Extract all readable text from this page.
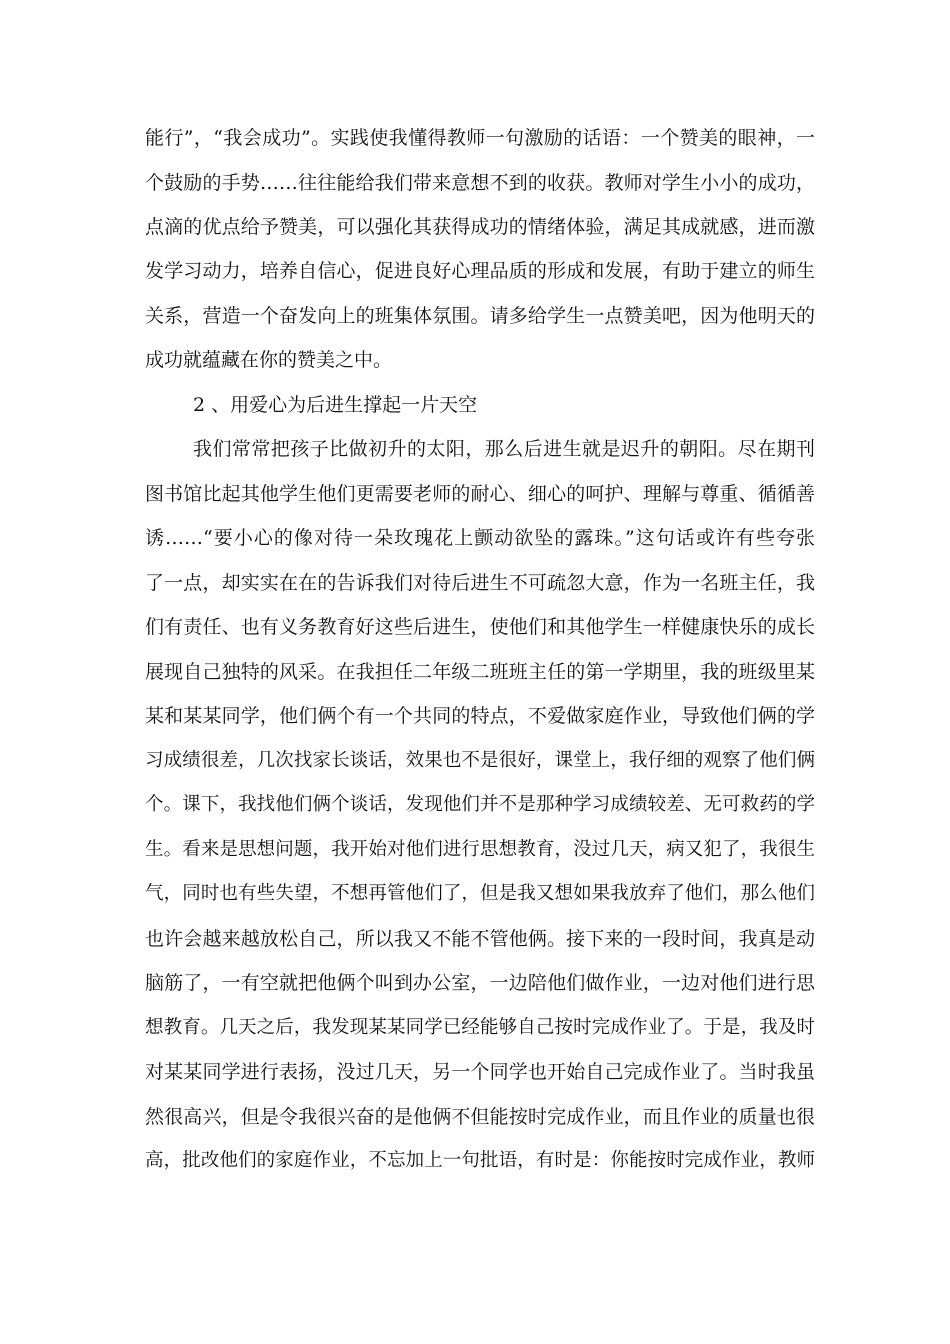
能行”，“我会成功”。实践使我懂得教师一句激励的话语：一个赞美的眼神，一
个鼓励的手势……往往能给我们带来意想不到的收获。教师对学生小小的成功，
点滴的优点给予赞美，可以强化其获得成功的情绪体验，满足其成就感，进而激
发学习动力，培养自信心，促进良好心理品质的形成和发展，有助于建立的师生
关系，营造一个奋发向上的班集体氛围。请多给学生一点赞美吧，因为他明天的
成功就蕴藏在你的赞美之中。
2 、用爱心为后进生撑起一片天空
我们常常把孩子比做初升的太阳，那么后进生就是迟升的朝阳。尽在期刊
图书馆比起其他学生他们更需要老师的耐心、细心的呵护、理解与尊重、循循善
诱……“要小心的像对待一朵玫瑰花上颤动欲坠的露珠。”这句话或许有些夸张
了一点，却实实在在的告诉我们对待后进生不可疏忽大意，作为一名班主任，我
们有责任、也有义务教育好这些后进生，使他们和其他学生一样健康快乐的成长
展现自己独特的风采。在我担任二年级二班班主任的第一学期里，我的班级里某
某和某某同学，他们俩个有一个共同的特点，不爱做家庭作业，导致他们俩的学
习成绩很差，几次找家长谈话，效果也不是很好，课堂上，我仔细的观察了他们俩
个。课下，我找他们俩个谈话，发现他们并不是那种学习成绩较差、无可救药的学
生。看来是思想问题，我开始对他们进行思想教育，没过几天，病又犯了，我很生
气，同时也有些失望，不想再管他们了，但是我又想如果我放弃了他们，那么他们
也许会越来越放松自己，所以我又不能不管他俩。接下来的一段时间，我真是动
脑筋了，一有空就把他俩个叫到办公室，一边陪他们做作业，一边对他们进行思
想教育。几天之后，我发现某某同学已经能够自己按时完成作业了。于是，我及时
对某某同学进行表扬，没过几天，另一个同学也开始自己完成作业了。当时我虽
然很高兴，但是令我很兴奋的是他俩不但能按时完成作业，而且作业的质量也很
高，批改他们的家庭作业，不忘加上一句批语，有时是：你能按时完成作业，教师
